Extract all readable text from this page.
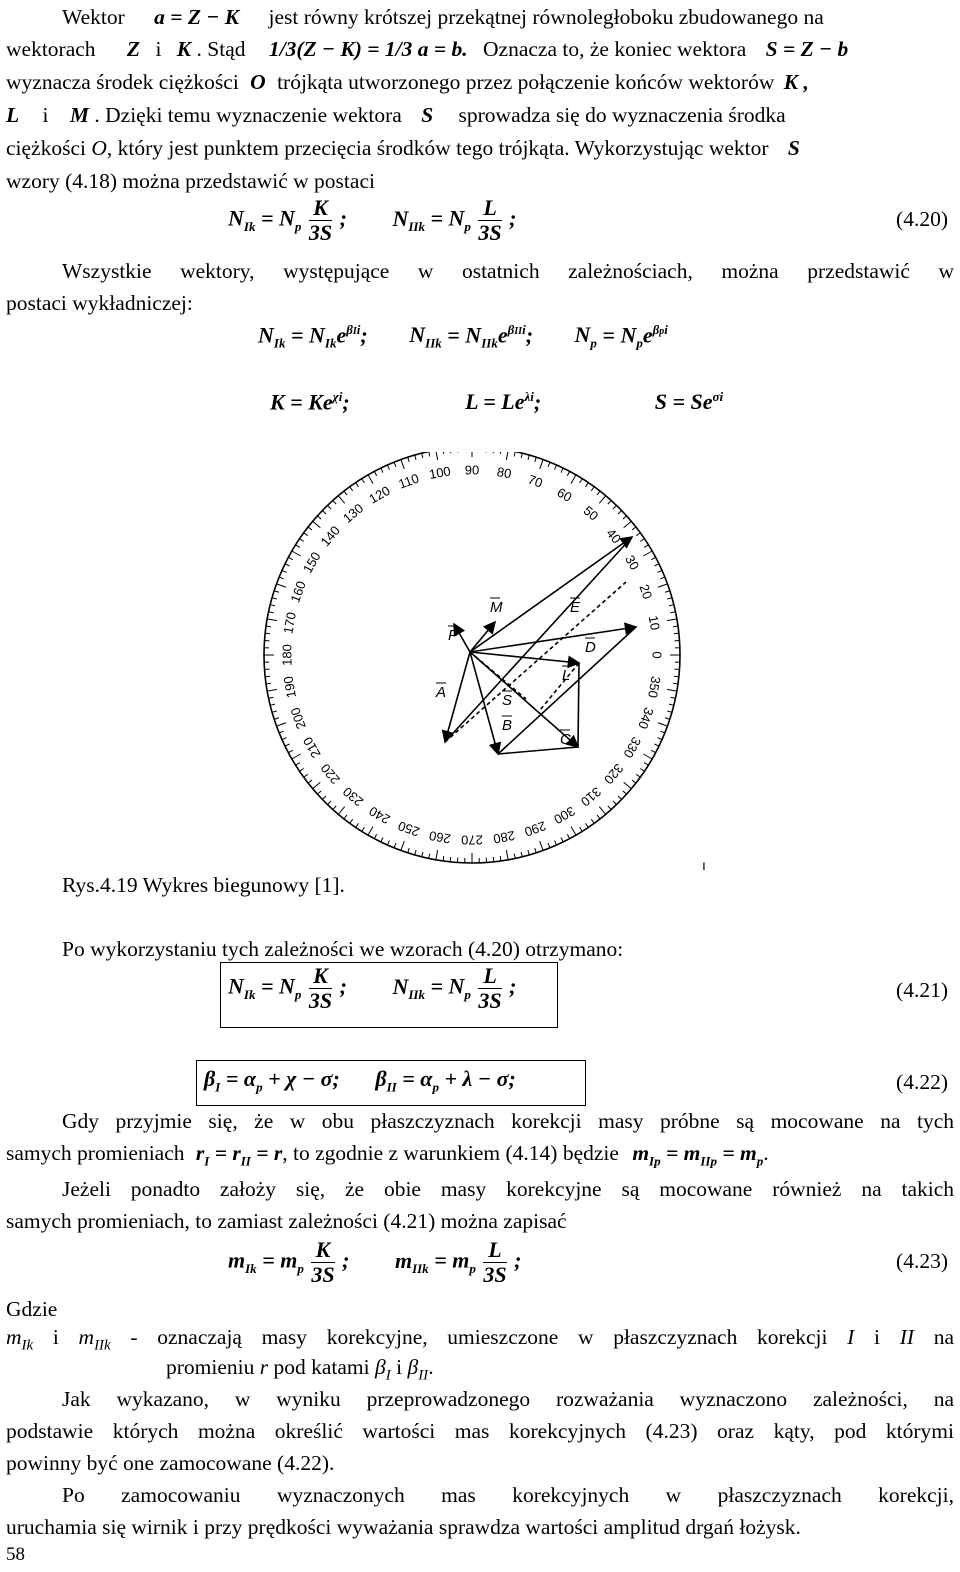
Wektor a = Z − K jest równy krótszej przekątnej równoległoboku zbudowanego na
wektorach Z i K . Stąd 1/3(Z − K) = 1/3 a = b. Oznacza to, że koniec wektora S = Z − b
wyznacza środek ciężkości O trójkąta utworzonego przez połączenie końców wektorów K ,
L i M . Dzięki temu wyznaczenie wektora S sprowadza się do wyznaczenia środka
ciężkości O, który jest punktem przecięcia środków tego trójkąta. Wykorzystując wektor S
wzory (4.18) można przedstawić w postaci
$N_{Ik} = N_p \frac{K}{3S}$ ; $N_{IIk} = N_p \frac{L}{3S}$ ;	(4.20)
Wszystkie wektory, występujące w ostatnich zależnościach, można przedstawić w
postaci wykładniczej:
$N_{Ik} = N_{Ik}e^{\beta Ii}$; $N_{IIk} = N_{IIk}e^{\beta IIi}$; $N_p = N_pe^{\beta pi}$
$K = Ke^{\chi i}$;	$L = Le^{\lambda i}$;	$S = Se^{\sigma i}$
0
10
20
30
40
50
60
70
80
90
100
110
120
130
140
150
160
170
180
190
200
210
220
230
240
250 260 270 280 290
300
310
320
330
340
350
F
M	E
A
L
D
S
B
C
ı
Rys.4.19 Wykres biegunowy [1].
Po wykorzystaniu tych zależności we wzorach (4.20) otrzymano:
$N_{Ik} = N_p \frac{K}{3S}$ ; $N_{IIk} = N_p \frac{L}{3S}$ ;	(4.21)
$\beta_I = \alpha_p + \chi - \sigma$; $\beta_{II} = \alpha_p + \lambda - \sigma$;	(4.22)
Gdy przyjmie się, że w obu płaszczyznach korekcji masy próbne są mocowane na tych
samych promieniach $r_I = r_{II} = r$, to zgodnie z warunkiem (4.14) będzie $m_{Ip} = m_{IIp} = m_p$.
Jeżeli ponadto założy się, że obie masy korekcyjne są mocowane również na takich
samych promieniach, to zamiast zależności (4.21) można zapisać
$m_{Ik} = m_p \frac{K}{3S}$ ; $m_{IIk} = m_p \frac{L}{3S}$ ;	(4.23)
Gdzie
$m_{Ik}$ i $m_{IIk}$ - oznaczają masy korekcyjne, umieszczone w płaszczyznach korekcji I i II na
promieniu r pod katami $\beta_I$ i $\beta_{II}$.
Jak wykazano, w wyniku przeprowadzonego rozważania wyznaczono zależności, na
podstawie których można określić wartości mas korekcyjnych (4.23) oraz kąty, pod którymi
powinny być one zamocowane (4.22).
Po zamocowaniu wyznaczonych mas korekcyjnych w płaszczyznach korekcji,
uruchamia się wirnik i przy prędkości wyważania sprawdza wartości amplitud drgań łożysk.
58
